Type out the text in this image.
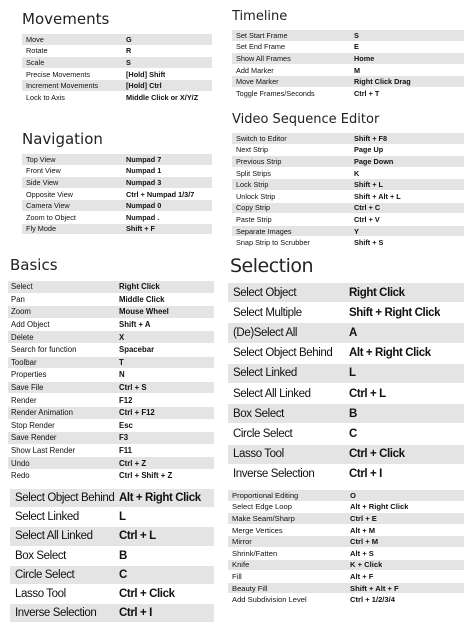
Movements
Move	G
Rotate	R
Scale	S
Precise Movements	[Hold] Shift
Increment Movements	[Hold] Ctrl
Lock to Axis	Middle Click or X/Y/Z
Navigation
Top View	Numpad 7
Front View	Numpad 1
Side View	Numpad 3
Opposite View	Ctrl + Numpad 1/3/7
Camera View	Numpad 0
Zoom to Object	Numpad .
Fly Mode	Shift + F
Basics
Select	Right Click
Pan	Middle Click
Zoom	Mouse Wheel
Add Object	Shift + A
Delete	X
Search for function	Spacebar
Toolbar	T
Properties	N
Save File	Ctrl + S
Render	F12
Render Animation	Ctrl + F12
Stop Render	Esc
Save Render	F3
Show Last Render	F11
Undo	Ctrl + Z
Redo	Ctrl + Shift + Z
Select Object Behind Alt + Right Click
Select Linked	L
Select All Linked	Ctrl + L
Box Select	B
Circle Select	C
Lasso Tool	Ctrl + Click
Inverse Selection	Ctrl + I
Timeline
Set Start Frame	S
Set End Frame	E
Show All Frames	Home
Add Marker	M
Move Marker	Right Click Drag
Toggle Frames/Seconds	Ctrl + T
Video Sequence Editor
Switch to Editor	Shift + F8
Next Strip	Page Up
Previous Strip	Page Down
Split Strips	K
Lock Strip	Shift + L
Unlock Strip	Shift + Alt + L
Copy Strip	Ctrl + C
Paste Strip	Ctrl + V
Separate Images	Y
Snap Strip to Scrubber	Shift + S
Selection
Select Object	Right Click
Select Multiple	Shift + Right Click
(De)Select All	A
Select Object Behind	Alt + Right Click
Select Linked	L
Select All Linked	Ctrl + L
Box Select	B
Circle Select	C
Lasso Tool	Ctrl + Click
Inverse Selection	Ctrl + I
Proportional Editing	O
Select Edge Loop	Alt + Right Click
Make Seam/Sharp	Ctrl + E
Merge Vertices	Alt + M
Mirror	Ctrl + M
Shrink/Fatten	Alt + S
Knife	K + Click
Fill	Alt + F
Beauty Fill	Shift + Alt + F
Add Subdivision Level	Ctrl + 1/2/3/4
